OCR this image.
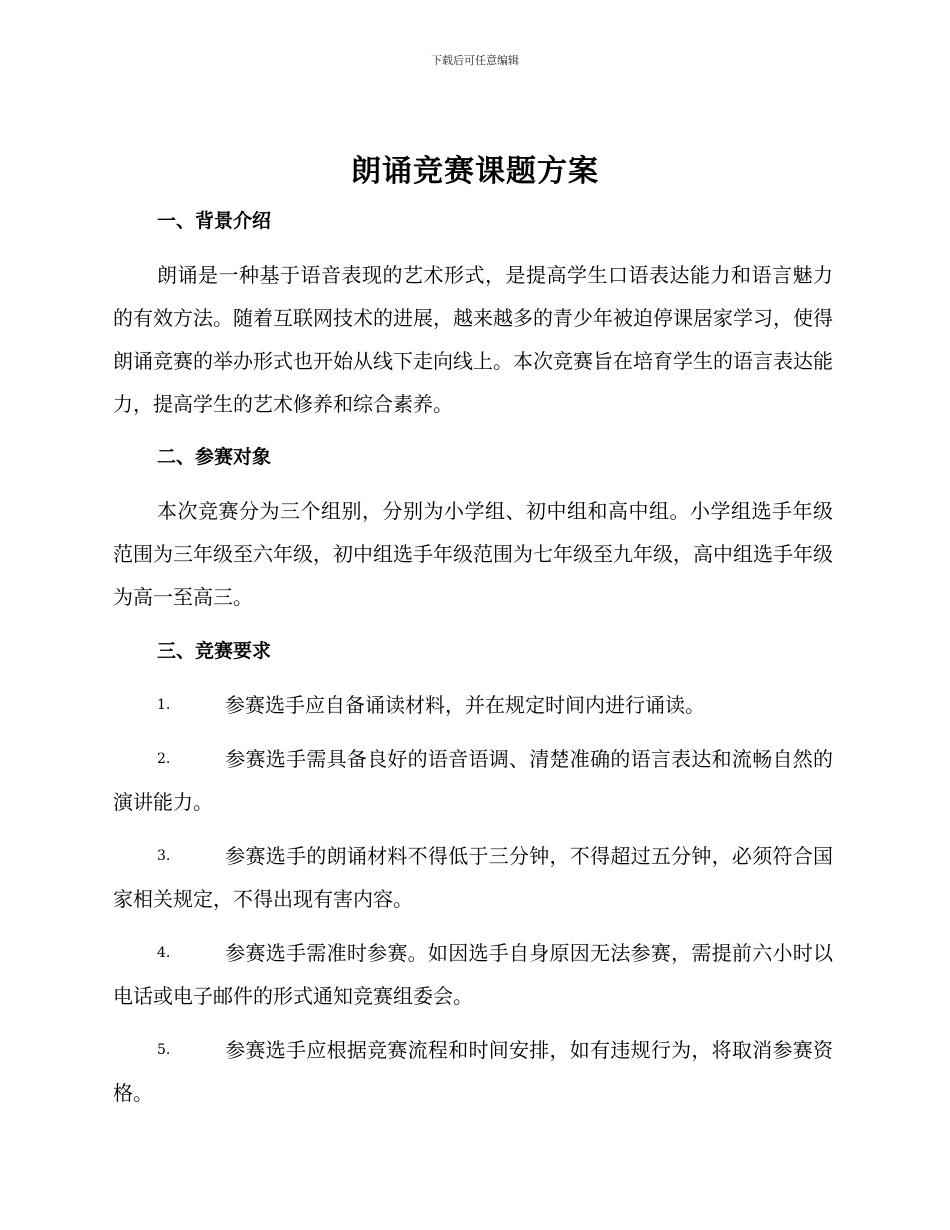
下载后可任意编辑
朗诵竞赛课题方案
一、背景介绍

朗诵是一种基于语音表现的艺术形式，是提高学生口语表达能力和语言魅力的有效方法。随着互联网技术的进展，越来越多的青少年被迫停课居家学习，使得朗诵竞赛的举办形式也开始从线下走向线上。本次竞赛旨在培育学生的语言表达能力，提高学生的艺术修养和综合素养。

二、参赛对象

本次竞赛分为三个组别，分别为小学组、初中组和高中组。小学组选手年级范围为三年级至六年级，初中组选手年级范围为七年级至九年级，高中组选手年级为高一至高三。

三、竞赛要求

1.	参赛选手应自备诵读材料，并在规定时间内进行诵读。

2.	参赛选手需具备良好的语音语调、清楚准确的语言表达和流畅自然的演讲能力。

3.	参赛选手的朗诵材料不得低于三分钟，不得超过五分钟，必须符合国家相关规定，不得出现有害内容。

4.	参赛选手需准时参赛。如因选手自身原因无法参赛，需提前六小时以电话或电子邮件的形式通知竞赛组委会。

5.	参赛选手应根据竞赛流程和时间安排，如有违规行为，将取消参赛资格。
